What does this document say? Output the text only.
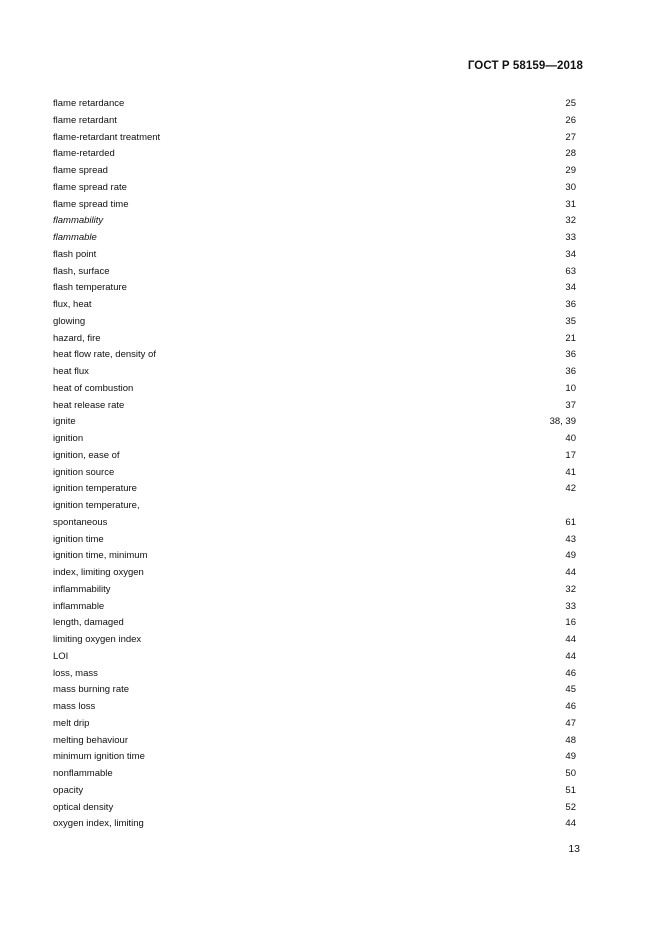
ГОСТ Р 58159—2018
flame retardance	25
flame retardant	26
flame-retardant treatment	27
flame-retarded	28
flame spread	29
flame spread rate	30
flame spread time	31
flammability	32
flammable	33
flash point	34
flash, surface	63
flash temperature	34
flux, heat	36
glowing	35
hazard, fire	21
heat flow rate, density of	36
heat flux	36
heat of combustion	10
heat release rate	37
ignite	38, 39
ignition	40
ignition, ease of	17
ignition source	41
ignition temperature	42
ignition temperature,
spontaneous	61
ignition time	43
ignition time, minimum	49
index, limiting oxygen	44
inflammability	32
inflammable	33
length, damaged	16
limiting oxygen index	44
LOI	44
loss, mass	46
mass burning rate	45
mass loss	46
melt drip	47
melting behaviour	48
minimum ignition time	49
nonflammable	50
opacity	51
optical density	52
oxygen index, limiting	44
13
